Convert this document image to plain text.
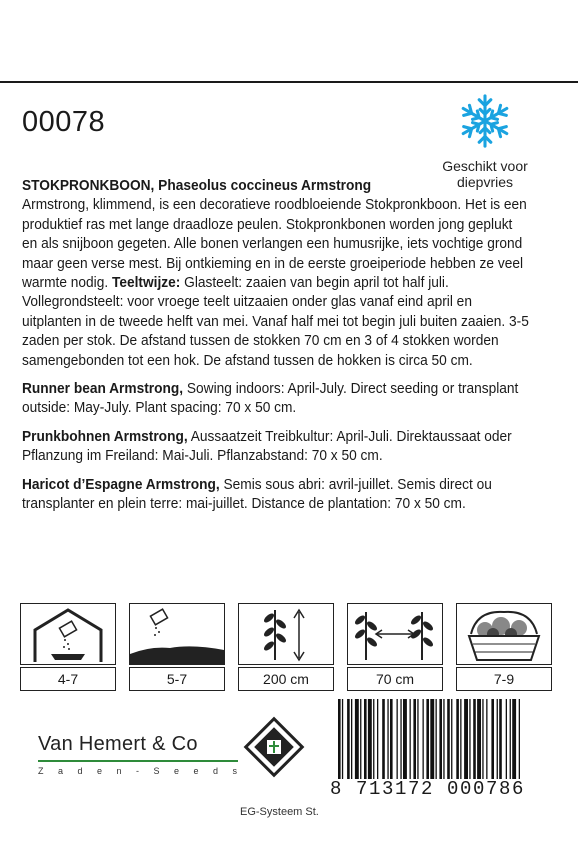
00078
Geschikt voor
diepvries

STOKPRONKBOON, Phaseolus coccineus Armstrong
Armstrong, klimmend, is een decoratieve roodbloeiende Stokpronkboon. Het is een produktief ras met lange draadloze peulen. Stokpronkbonen worden jong geplukt en als snijboon gegeten. Alle bonen verlangen een humusrijke, iets vochtige grond maar geen verse mest. Bij ontkieming en in de eerste groeiperiode hebben ze veel warmte nodig. Teeltwijze: Glasteelt: zaaien van begin april tot half juli. Vollegrondsteelt: voor vroege teelt uitzaaien onder glas vanaf eind april en uitplanten in de tweede helft van mei. Vanaf half mei tot begin juli buiten zaaien. 3-5 zaden per stok. De afstand tussen de stokken 70 cm en 3 of 4 stokken worden samengebonden tot een hok. De afstand tussen de hokken is circa 50 cm.

Runner bean Armstrong, Sowing indoors: April-July. Direct seeding or transplant outside: May-July. Plant spacing: 70 x 50 cm.

Prunkbohnen Armstrong, Aussaatzeit Treibkultur: April-Juli. Direktaussaat oder Pflanzung im Freiland: Mai-Juli. Pflanzabstand: 70 x 50 cm.

Haricot d’Espagne Armstrong, Semis sous abri: avril-juillet. Semis direct ou transplanter en plein terre: mai-juillet. Distance de plantation: 70 x 50 cm.

4-7	5-7	200 cm	70 cm	7-9
Van Hemert & Co
Z a d e n - S e e d s
8 713172 000786
EG-Systeem St.
